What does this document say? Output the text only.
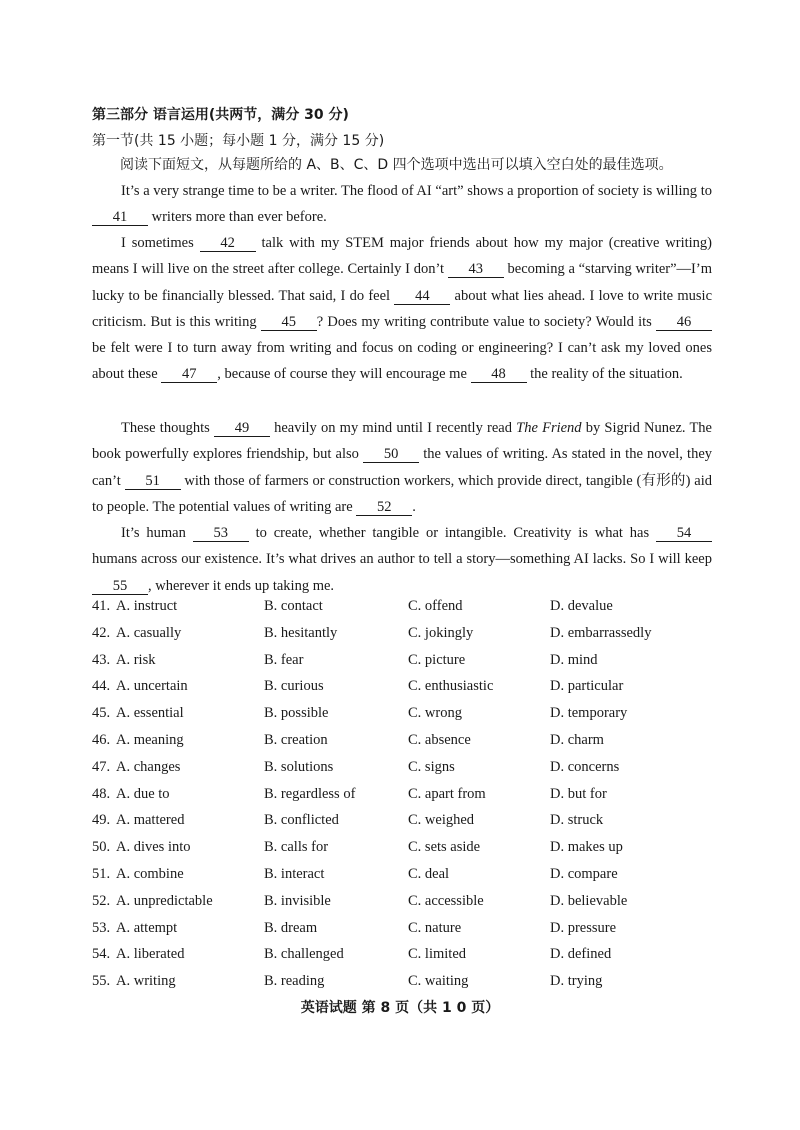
第三部分 语言运用(共两节，满分 30 分)
第一节(共 15 小题；每小题 1 分，满分 15 分)
阅读下面短文，从每题所给的 A、B、C、D 四个选项中选出可以填入空白处的最佳选项。
It’s a very strange time to be a writer. The flood of AI “art” shows a proportion of society is willing to 41 writers more than ever before.
I sometimes 42 talk with my STEM major friends about how my major (creative writing) means I will live on the street after college. Certainly I don’t 43 becoming a “starving writer”—I’m lucky to be financially blessed. That said, I do feel 44 about what lies ahead. I love to write music criticism. But is this writing 45 ? Does my writing contribute value to society? Would its 46 be felt were I to turn away from writing and focus on coding or engineering? I can’t ask my loved ones about these 47 , because of course they will encourage me 48 the reality of the situation.
These thoughts 49 heavily on my mind until I recently read The Friend by Sigrid Nunez. The book powerfully explores friendship, but also 50 the values of writing. As stated in the novel, they can’t 51 with those of farmers or construction workers, which provide direct, tangible (有形的) aid to people. The potential values of writing are 52 .
It’s human 53 to create, whether tangible or intangible. Creativity is what has 54 humans across our existence. It’s what drives an author to tell a story—something AI lacks. So I will keep 55 , wherever it ends up taking me.
41. A. instruct	B. contact	C. offend	D. devalue
42. A. casually	B. hesitantly	C. jokingly	D. embarrassedly
43. A. risk	B. fear	C. picture	D. mind
44. A. uncertain	B. curious	C. enthusiastic	D. particular
45. A. essential	B. possible	C. wrong	D. temporary
46. A. meaning	B. creation	C. absence	D. charm
47. A. changes	B. solutions	C. signs	D. concerns
48. A. due to	B. regardless of	C. apart from	D. but for
49. A. mattered	B. conflicted	C. weighed	D. struck
50. A. dives into	B. calls for	C. sets aside	D. makes up
51. A. combine	B. interact	C. deal	D. compare
52. A. unpredictable	B. invisible	C. accessible	D. believable
53. A. attempt	B. dream	C. nature	D. pressure
54. A. liberated	B. challenged	C. limited	D. defined
55. A. writing	B. reading	C. waiting	D. trying
英语试题 第 8 页（共 1 0 页）
